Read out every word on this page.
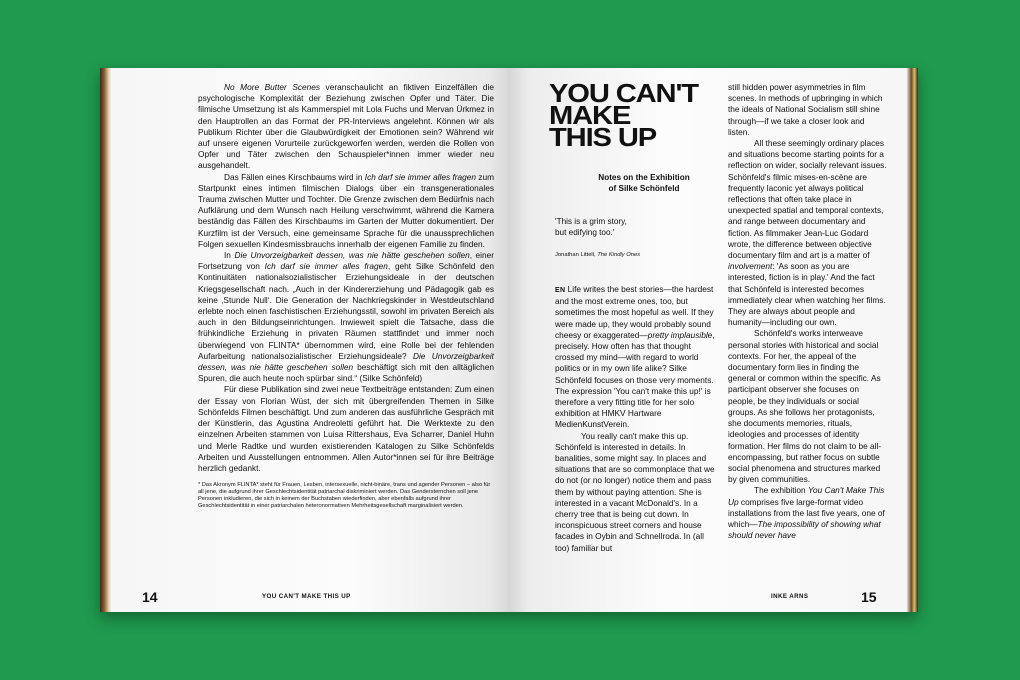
No More Butter Scenes veranschaulicht an fiktiven Einzelfällen die psychologische Komplexität der Beziehung zwischen Opfer und Täter. Die filmische Umsetzung ist als Kammerspiel mit Lola Fuchs und Mervan Ürkmez in den Hauptrollen an das Format der PR-Interviews angelehnt. Können wir als Publikum Richter über die Glaubwürdigkeit der Emotionen sein? Während wir auf unsere eigenen Vorurteile zurückgeworfen werden, werden die Rollen von Opfer und Täter zwischen den Schauspieler*innen immer wieder neu ausgehandelt.

Das Fällen eines Kirschbaums wird in Ich darf sie immer alles fragen zum Startpunkt eines intimen filmischen Dialogs über ein transgenerationales Trauma zwischen Mutter und Tochter. Die Grenze zwischen dem Bedürfnis nach Aufklärung und dem Wunsch nach Heilung verschwimmt, während die Kamera beständig das Fällen des Kirschbaums im Garten der Mutter dokumentiert. Der Kurzfilm ist der Versuch, eine gemeinsame Sprache für die unaussprechlichen Folgen sexuellen Kindesmissbrauchs innerhalb der eigenen Familie zu finden.

In Die Unvorzeigbarkeit dessen, was nie hätte geschehen sollen, einer Fortsetzung von Ich darf sie immer alles fragen, geht Silke Schönfeld den Kontinuitäten nationalsozialistischer Erziehungsideale in der deutschen Kriegsgesellschaft nach. „Auch in der Kindererziehung und Pädagogik gab es keine ‚Stunde Null‘. Die Generation der Nachkriegskinder in Westdeutschland erlebte noch einen faschistischen Erziehungsstil, sowohl im privaten Bereich als auch in den Bildungseinrichtungen. Inwieweit spielt die Tatsache, dass die frühkindliche Erziehung in privaten Räumen stattfindet und immer noch überwiegend von FLINTA* übernommen wird, eine Rolle bei der fehlenden Aufarbeitung nationalsozialistischer Erziehungsideale? Die Unvorzeigbarkeit dessen, was nie hätte geschehen sollen beschäftigt sich mit den alltäglichen Spuren, die auch heute noch spürbar sind.“ (Silke Schönfeld)

Für diese Publikation sind zwei neue Textbeiträge entstanden: Zum einen der Essay von Florian Wüst, der sich mit übergreifenden Themen in Silke Schönfelds Filmen beschäftigt. Und zum anderen das ausführliche Gespräch mit der Künstlerin, das Agustina Andreoletti geführt hat. Die Werktexte zu den einzelnen Arbeiten stammen von Luisa Rittershaus, Eva Scharrer, Daniel Huhn und Merle Radtke und wurden existierenden Katalogen zu Silke Schönfelds Arbeiten und Ausstellungen entnommen. Allen Autor*innen sei für ihre Beiträge herzlich gedankt.

* Das Akronym FLINTA* steht für Frauen, Lesben, intersexuelle, nicht-binäre, trans und agender Personen – also für all jene, die aufgrund ihrer Geschlechtsidentität patriarchal diskriminiert werden. Das Gendersternchen soll jene Personen inkludieren, die sich in keinem der Buchstaben wiederfinden, aber ebenfalls aufgrund ihrer Geschlechtsidentität in einer patriarchalen heteronormativen Mehrheitsgesellschaft marginalisiert werden.

14	YOU CAN'T MAKE THIS UP
YOU CAN'T
MAKE
THIS UP
Notes on the Exhibition
of Silke Schönfeld
'This is a grim story,
but edifying too.'
Jonathan Littell, The Kindly Ones

EN Life writes the best stories—the hardest and the most extreme ones, too, but sometimes the most hopeful as well. If they were made up, they would probably sound cheesy or exaggerated—pretty implausible, precisely. How often has that thought crossed my mind—with regard to world politics or in my own life alike? Silke Schönfeld focuses on those very moments. The expression 'You can't make this up!' is therefore a very fitting title for her solo exhibition at HMKV Hartware MedienKunstVerein.

You really can't make this up. Schönfeld is interested in details. In banalities, some might say. In places and situations that are so commonplace that we do not (or no longer) notice them and pass them by without paying attention. She is interested in a vacant McDonald's. In a cherry tree that is being cut down. In inconspicuous street corners and house facades in Oybin and Schnellroda. In (all too) familiar but

still hidden power asymmetries in film scenes. In methods of upbringing in which the ideals of National Socialism still shine through—if we take a closer look and listen.

All these seemingly ordinary places and situations become starting points for a reflection on wider, socially relevant issues. Schönfeld's filmic mises-en-scène are frequently laconic yet always political reflections that often take place in unexpected spatial and temporal contexts, and range between documentary and fiction. As filmmaker Jean-Luc Godard wrote, the difference between objective documentary film and art is a matter of involvement: 'As soon as you are interested, fiction is in play.' And the fact that Schönfeld is interested becomes immediately clear when watching her films. They are always about people and humanity—including our own.

Schönfeld's works interweave personal stories with historical and social contexts. For her, the appeal of the documentary form lies in finding the general or common within the specific. As participant observer she focuses on people, be they individuals or social groups. As she follows her protagonists, she documents memories, rituals, ideologies and processes of identity formation. Her films do not claim to be all-encompassing, but rather focus on subtle social phenomena and structures marked by given communities.

The exhibition You Can't Make This Up comprises five large-format video installations from the last five years, one of which—The impossibility of showing what should never have

INKE ARNS	15
